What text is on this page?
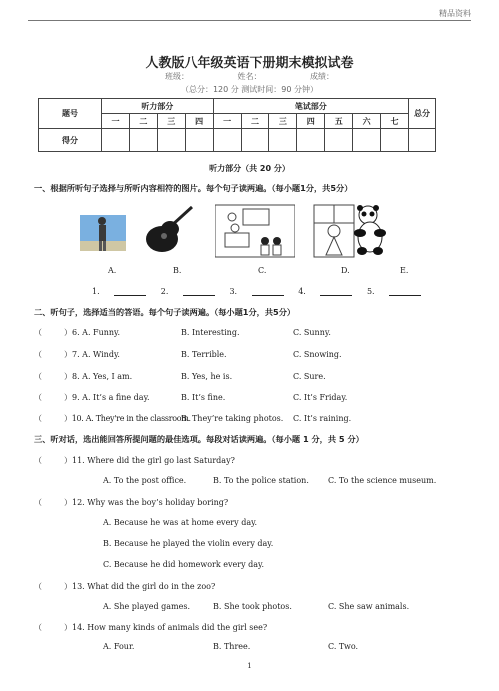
精品资料
人教版八年级英语下册期末模拟试卷
班级：	姓名：	成绩：
（总分：120 分 测试时间：90 分钟）
题号	听力部分				笔试部分							总分
	一	二	三	四	一	二	三	四	五	六	七	
得分												
听力部分（共 20 分）
一、根据所听句子选择与所听内容相符的图片。每个句子读两遍。（每小题1分，共5分）
A.	B.	C.	D.	E.
1.	2.	3.	4.	5.
二、听句子，选择适当的答语。每个句子读两遍。（每小题1分，共5分）
（	）6. A. Funny.	B. Interesting.	C. Sunny.
（	）7. A. Windy.	B. Terrible.	C. Snowing.
（	）8. A. Yes, I am.	B. Yes, he is.	C. Sure.
（	）9. A. It’s a fine day.	B. It’s fine.	C. It’s Friday.
（	）10. A. They're in the classroom.B. They’re taking photos. C. It’s raining.
三、听对话，选出能回答所提问题的最佳选项。每段对话读两遍。（每小题 1 分，共 5 分）
（	）11. Where did the girl go last Saturday?
A. To the post office.	B. To the police station. C. To the science museum.
（	）12. Why was the boy’s holiday boring?
A. Because he was at home every day.
B. Because he played the violin every day.
C. Because he did homework every day.
（	）13. What did the girl do in the zoo?
A. She played games.	B. She took photos.	C. She saw animals.
（	）14. How many kinds of animals did the girl see?
A. Four.	B. Three.	C. Two.
1
